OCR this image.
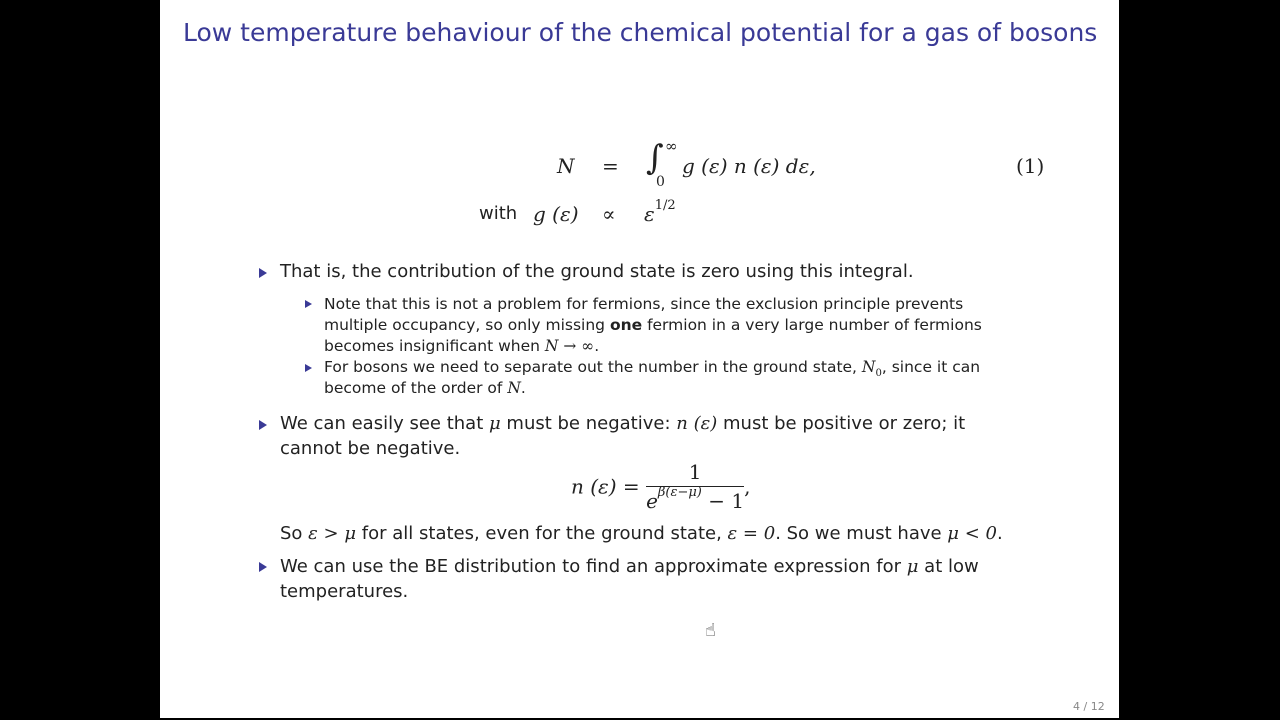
Low temperature behaviour of the chemical potential for a gas of bosons
N = ∫ ∞
0
g (ε) n (ε) dε,	(1)
with g $(\varepsilon) \propto \varepsilon^{1/2}$
That is, the contribution of the ground state is zero using this integral.
Note that this is not a problem for fermions, since the exclusion principle prevents
multiple occupancy, so only missing one fermion in a very large number of fermions
becomes insignificant when N → ∞.
For bosons we need to separate out the number in the ground state, $N_0$, since it can
become of the order of N.
We can easily see that μ must be negative: n (ε) must be positive or zero; it
cannot be negative.
n $(\varepsilon) = \frac{1}{e^{\beta(\varepsilon-\mu)} - 1}$ ,
So ε > μ for all states, even for the ground state, ε = 0. So we must have μ < 0.
We can use the BE distribution to find an approximate expression for μ at low
temperatures.
☝
4 / 12
